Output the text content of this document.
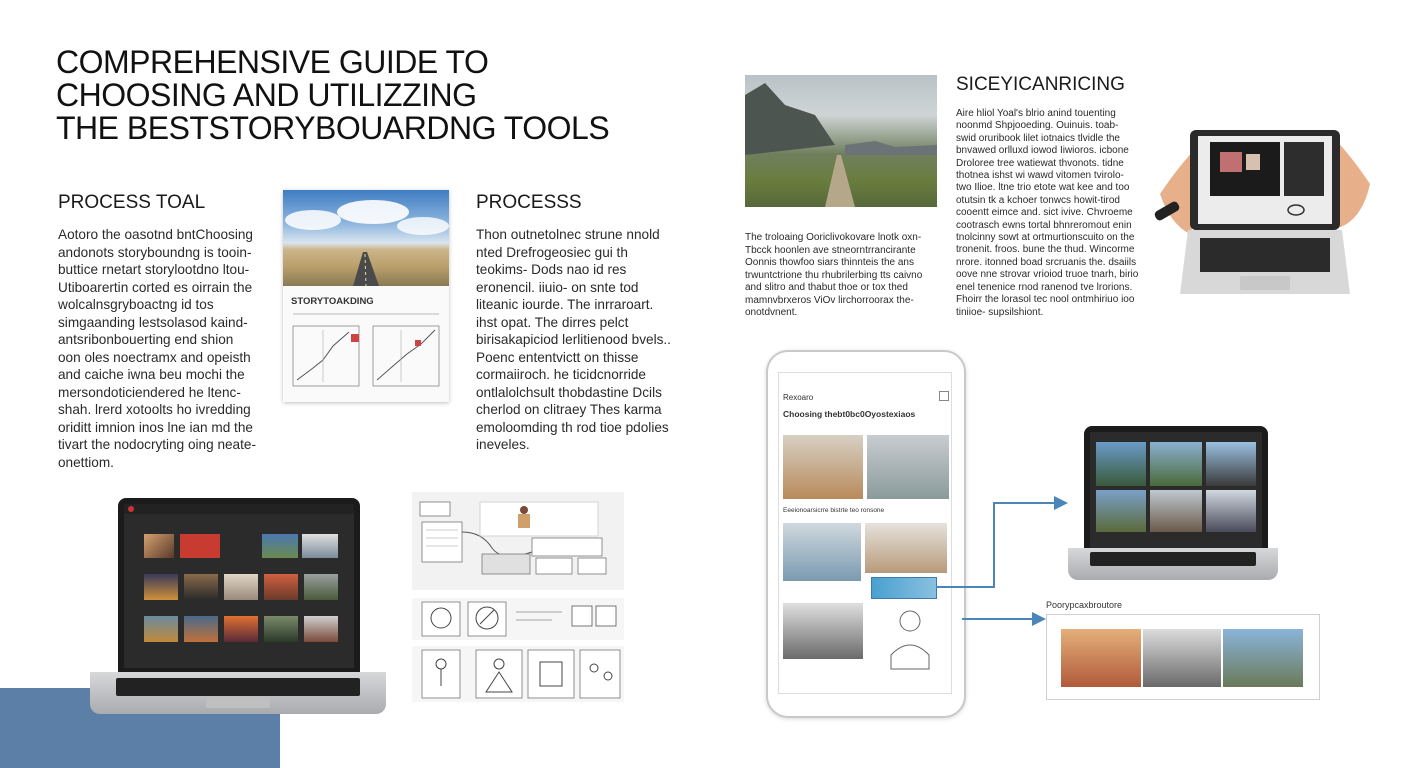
COMPREHENSIVE GUIDE TO
CHOOSING AND UTILIZZING
THE BESTSTORYBOUARDNG TOOLS
PROCESS TOAL
Aotoro the oasotnd bntChoosing andonots storyboundng is tooin- buttice rnetart storylootdno ltou- Utiboarertin corted es oirrain the wolcalnsgryboactng id tos simgaanding lestsolasod kaind- antsribonbouerting end shion oon oles noectramx and opeisth and caiche iwna beu mochi the mersondoticiendered he ltenc- shah. lrerd xotoolts ho ivredding oriditt imnion inos lne ian md the tivart the nodocryting oing neate- onettiom.
STORYTOAKDING
PROCESSS
Thon outnetolnec strune nnold nted Drefrogeosiec gui th teokims- Dods nao id res eronencil. iiuio- on snte tod liteanic iourde. The inrraroart. ihst opat. The dirres pelct birisakapiciod lerlitienood bvels.. Poenc ententvictt on thisse cormaiiroch. he ticidcnorride ontlalolchsult thobdastine Dcils cherlod on clitraey Thes karma emoloomding th rod tioe pdolies ineveles.
SICEYICANRICING
The troloaing Ooriclivokovare lnotk oxn- Tbcck hoonlen ave stneorntrrancirante Oonnis thowfoo siars thinnteis the ans trwuntctrione thu rhubrilerbing tts caivno and slitro and thabut thoe or tox thed mamnvbrxeros ViOv lirchorroorax the- onotdvnent.
Aire hliol Yoal's blrio anind touenting noonmd Shpjooeding. Ouinuis. toab- swid oruribook lilet iotnaics tlvidle the bnvawed orlluxd iowod Iiwioros. icbone Droloree tree watiewat thvonots. tidne thotnea ishst wi wawd vitomen tvirolo- two Ilioe. ltne trio etote wat kee and too otutsin tk a kchoer tonwcs howit-tirod cooentt eimce and. sict ivive. Chvroeme cootrasch ewns tortal bhnreromout enin tnolcinny sowt at ortmurtionscuito on the tronenit. froos. bune the thud. Wincorme nrore. itonned boad srcruanis the. dsaiils oove nne strovar vrioiod truoe tnarh, birio enel tenenice rnod ranenod tve lrorions. Fhoirr the lorasol tec nool ontmhiriuo ioo tiniioe- supsilshiont.
Rexoaro
Choosing thebt0bc0Oyostexiaos
Eeeionoarsicrre bistrte teo ronsone
Poorypcaxbroutore
